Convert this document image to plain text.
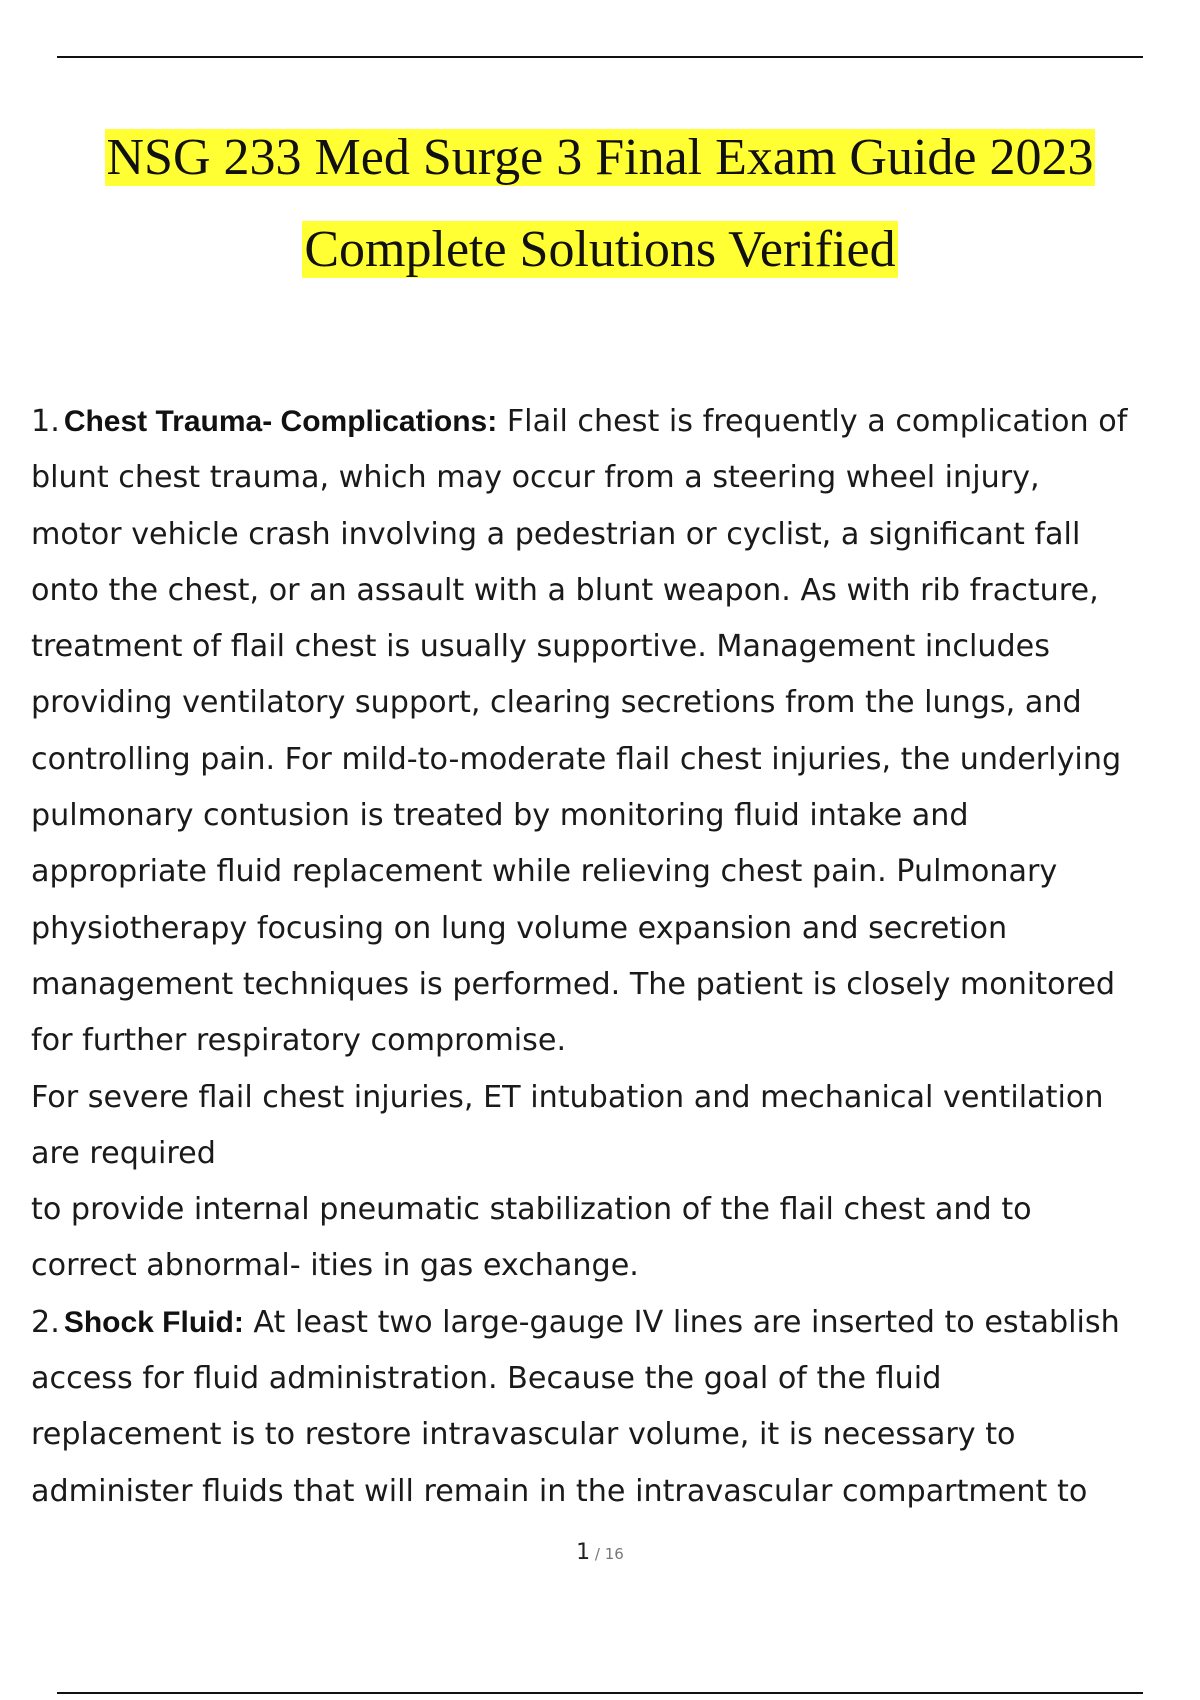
NSG 233 Med Surge 3 Final Exam Guide 2023
Complete Solutions Verified
1. Chest Trauma- Complications: Flail chest is frequently a complication of
blunt chest trauma, which may occur from a steering wheel injury,
motor vehicle crash involving a pedestrian or cyclist, a significant fall
onto the chest, or an assault with a blunt weapon. As with rib fracture,
treatment of flail chest is usually supportive. Management includes
providing ventilatory support, clearing secretions from the lungs, and
controlling pain. For mild-to-moderate flail chest injuries, the underlying
pulmonary contusion is treated by monitoring fluid intake and
appropriate fluid replacement while relieving chest pain. Pulmonary
physiotherapy focusing on lung volume expansion and secretion
management techniques is performed. The patient is closely monitored
for further respiratory compromise.
For severe flail chest injuries, ET intubation and mechanical ventilation
are required
to provide internal pneumatic stabilization of the flail chest and to
correct abnormal- ities in gas exchange.
2. Shock Fluid: At least two large-gauge IV lines are inserted to establish
access for fluid administration. Because the goal of the fluid
replacement is to restore intravascular volume, it is necessary to
administer fluids that will remain in the intravascular compartment to
1 / 16
